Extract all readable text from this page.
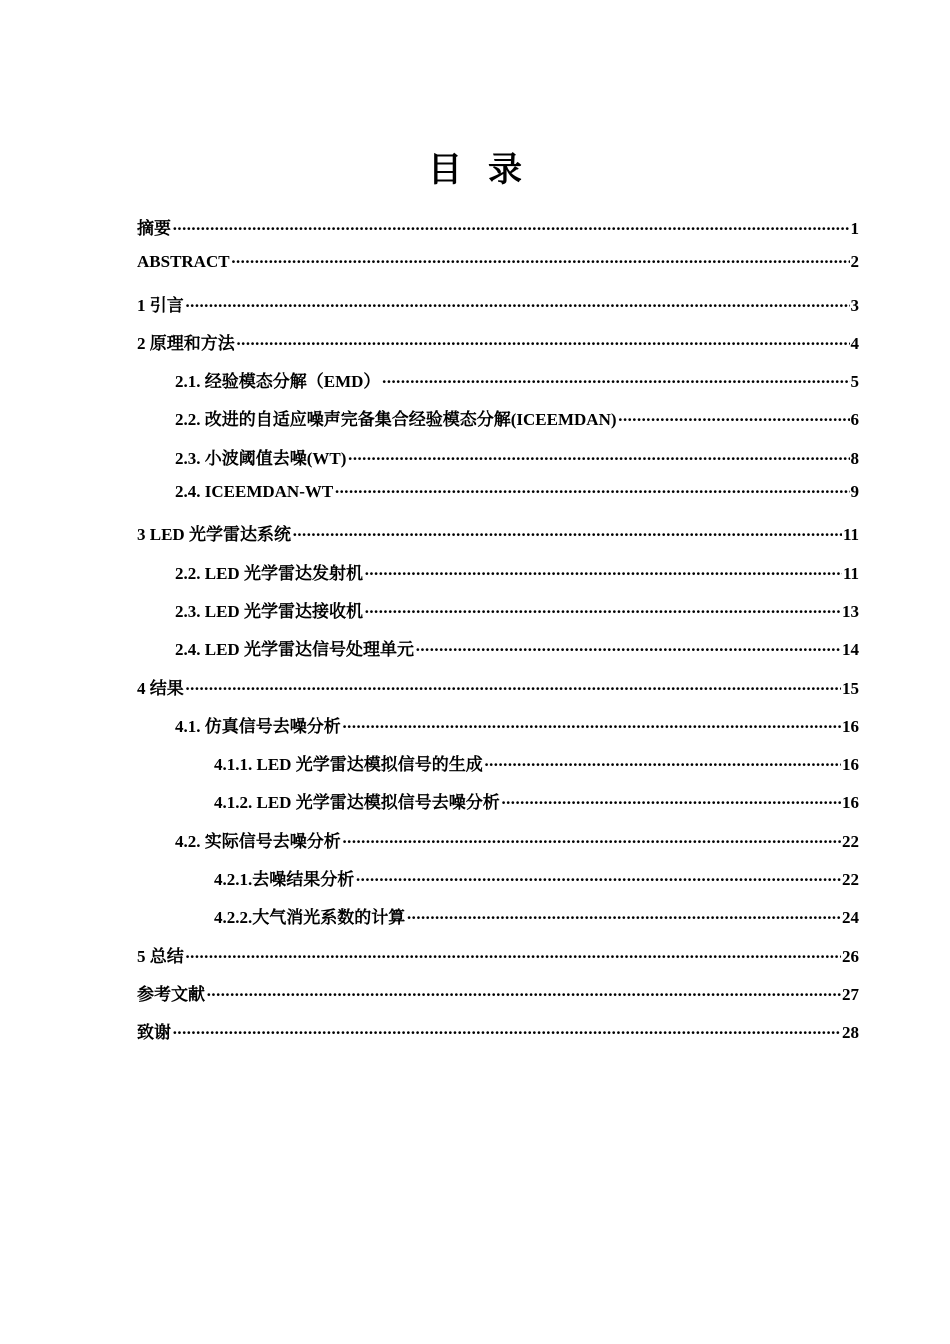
目录
摘要 ·····	1
ABSTRACT ·····	2
1 引言 ·····	3
2 原理和方法 ·····	4
2.1. 经验模态分解（EMD） ·····	5
2.2. 改进的自适应噪声完备集合经验模态分解(ICEEMDAN) ·····	6
2.3. 小波阈值去噪(WT) ·····	8
2.4. ICEEMDAN-WT ·····	9
3 LED 光学雷达系统 ·····	11
2.2. LED 光学雷达发射机 ·····	11
2.3. LED 光学雷达接收机 ·····	13
2.4. LED 光学雷达信号处理单元 ·····	14
4 结果 ·····	15
4.1. 仿真信号去噪分析 ·····	16
4.1.1. LED 光学雷达模拟信号的生成 ·····	16
4.1.2. LED 光学雷达模拟信号去噪分析 ·····	16
4.2. 实际信号去噪分析 ·····	22
4.2.1.去噪结果分析 ·····	22
4.2.2.大气消光系数的计算 ·····	24
5 总结 ·····	26
参考文献 ·····	27
致谢 ·····	28
